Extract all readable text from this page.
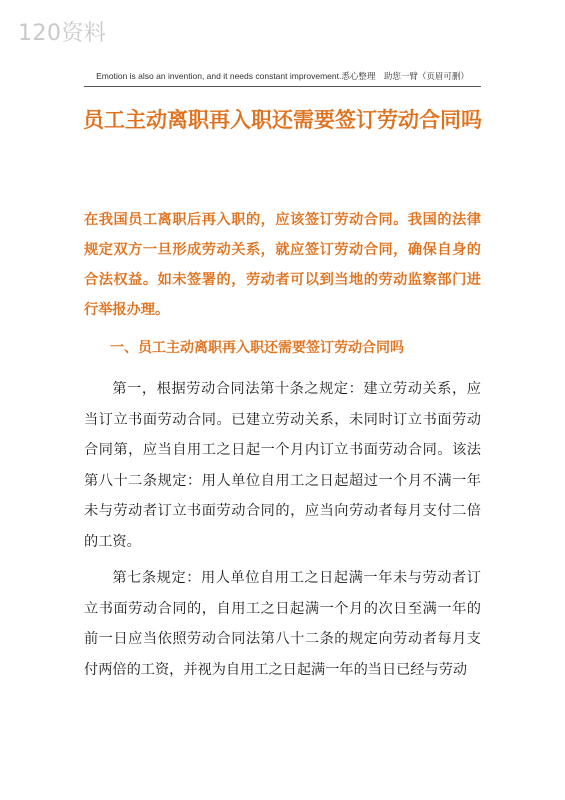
120资料
Emotion is also an invention, and it needs constant improvement.悉心整理　助您一臂（页眉可删）
员工主动离职再入职还需要签订劳动合同吗
在我国员工离职后再入职的，应该签订劳动合同。我国的法律规定双方一旦形成劳动关系，就应签订劳动合同，确保自身的合法权益。如未签署的，劳动者可以到当地的劳动监察部门进行举报办理。
一、员工主动离职再入职还需要签订劳动合同吗

第一，根据劳动合同法第十条之规定：建立劳动关系，应当订立书面劳动合同。已建立劳动关系，未同时订立书面劳动合同第，应当自用工之日起一个月内订立书面劳动合同。该法第八十二条规定：用人单位自用工之日起超过一个月不满一年未与劳动者订立书面劳动合同的，应当向劳动者每月支付二倍的工资。

第七条规定：用人单位自用工之日起满一年未与劳动者订立书面劳动合同的，自用工之日起满一个月的次日至满一年的前一日应当依照劳动合同法第八十二条的规定向劳动者每月支付两倍的工资，并视为自用工之日起满一年的当日已经与劳动
